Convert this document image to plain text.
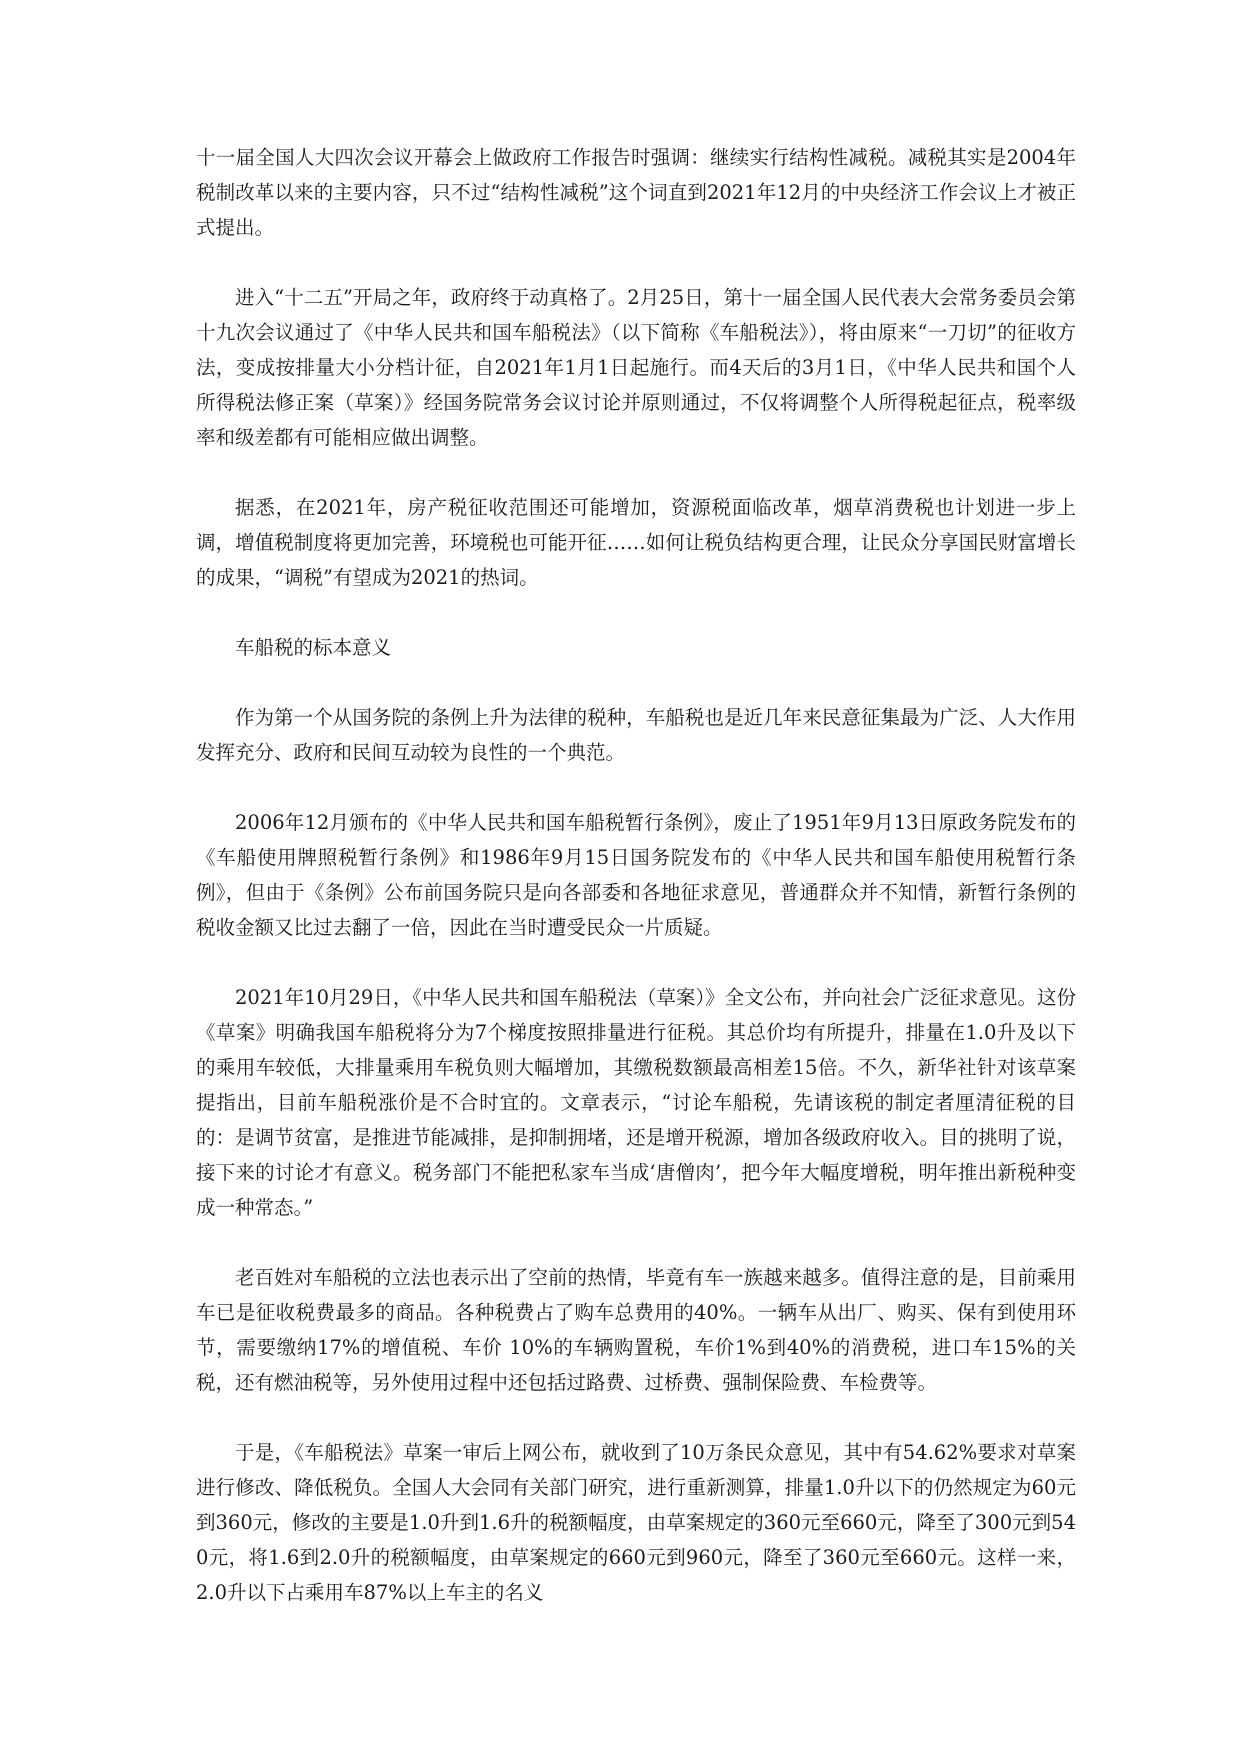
十一届全国人大四次会议开幕会上做政府工作报告时强调：继续实行结构性减税。减税其实是2004年税制改革以来的主要内容，只不过“结构性减税”这个词直到2021年12月的中央经济工作会议上才被正式提出。

进入“十二五”开局之年，政府终于动真格了。2月25日，第十一届全国人民代表大会常务委员会第十九次会议通过了《中华人民共和国车船税法》（以下简称《车船税法》），将由原来“一刀切”的征收方法，变成按排量大小分档计征，自2021年1月1日起施行。而4天后的3月1日，《中华人民共和国个人所得税法修正案（草案）》经国务院常务会议讨论并原则通过，不仅将调整个人所得税起征点，税率级率和级差都有可能相应做出调整。

据悉，在2021年，房产税征收范围还可能增加，资源税面临改革，烟草消费税也计划进一步上调，增值税制度将更加完善，环境税也可能开征……如何让税负结构更合理，让民众分享国民财富增长的成果，“调税”有望成为2021的热词。

车船税的标本意义

作为第一个从国务院的条例上升为法律的税种，车船税也是近几年来民意征集最为广泛、人大作用发挥充分、政府和民间互动较为良性的一个典范。

2006年12月颁布的《中华人民共和国车船税暂行条例》，废止了1951年9月13日原政务院发布的《车船使用牌照税暂行条例》和1986年9月15日国务院发布的《中华人民共和国车船使用税暂行条例》，但由于《条例》公布前国务院只是向各部委和各地征求意见，普通群众并不知情，新暂行条例的税收金额又比过去翻了一倍，因此在当时遭受民众一片质疑。

2021年10月29日，《中华人民共和国车船税法（草案）》全文公布，并向社会广泛征求意见。这份《草案》明确我国车船税将分为7个梯度按照排量进行征税。其总价均有所提升，排量在1.0升及以下的乘用车较低，大排量乘用车税负则大幅增加，其缴税数额最高相差15倍。不久，新华社针对该草案提指出，目前车船税涨价是不合时宜的。文章表示，“讨论车船税，先请该税的制定者厘清征税的目的：是调节贫富，是推进节能减排，是抑制拥堵，还是增开税源，增加各级政府收入。目的挑明了说，接下来的讨论才有意义。税务部门不能把私家车当成‘唐僧肉’，把今年大幅度增税，明年推出新税种变成一种常态。”

老百姓对车船税的立法也表示出了空前的热情，毕竟有车一族越来越多。值得注意的是，目前乘用车已是征收税费最多的商品。各种税费占了购车总费用的40%。一辆车从出厂、购买、保有到使用环节，需要缴纳17%的增值税、车价 10%的车辆购置税，车价1%到40%的消费税，进口车15%的关税，还有燃油税等，另外使用过程中还包括过路费、过桥费、强制保险费、车检费等。

于是，《车船税法》草案一审后上网公布，就收到了10万条民众意见，其中有54.62%要求对草案进行修改、降低税负。全国人大会同有关部门研究，进行重新测算，排量1.0升以下的仍然规定为60元到360元，修改的主要是1.0升到1.6升的税额幅度，由草案规定的360元至660元，降至了300元到540元，将1.6到2.0升的税额幅度，由草案规定的660元到960元，降至了360元至660元。这样一来，2.0升以下占乘用车87%以上车主的名义
